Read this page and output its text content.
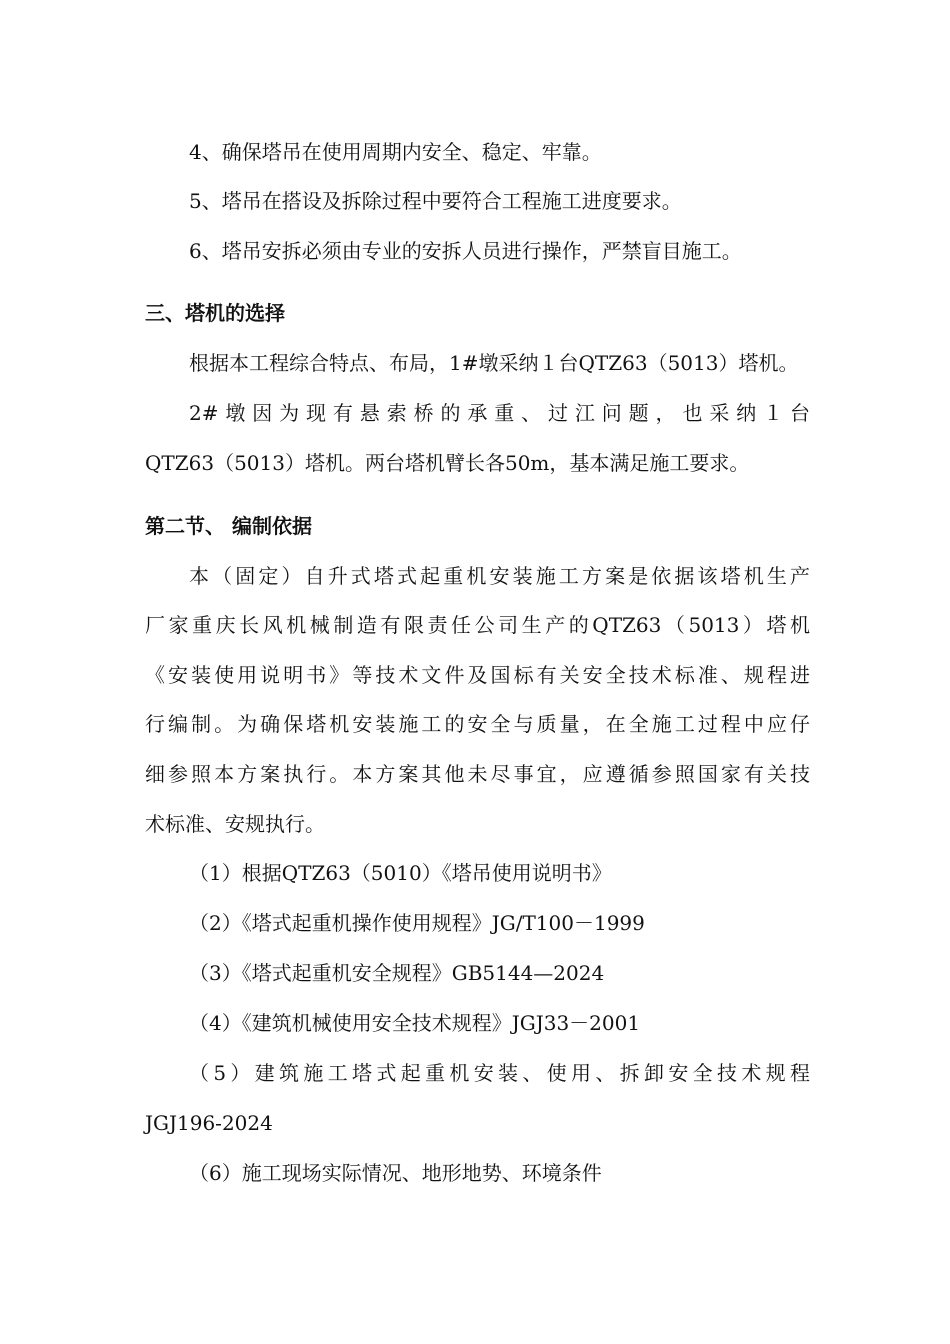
4、确保塔吊在使用周期内安全、稳定、牢靠。

5、塔吊在搭设及拆除过程中要符合工程施工进度要求。

6、塔吊安拆必须由专业的安拆人员进行操作，严禁盲目施工。

三、塔机的选择

根据本工程综合特点、布局，1#墩采纳１台QTZ63（5013）塔机。

2#墩因为现有悬索桥的承重、过江问题，也采纳１台

QTZ63（5013）塔机。两台塔机臂长各50m，基本满足施工要求。

第二节、 编制依据

本（固定）自升式塔式起重机安装施工方案是依据该塔机生产

厂家重庆长风机械制造有限责任公司生产的QTZ63（5013）塔机

《安装使用说明书》等技术文件及国标有关安全技术标准、规程进

行编制。为确保塔机安装施工的安全与质量，在全施工过程中应仔

细参照本方案执行。本方案其他未尽事宜，应遵循参照国家有关技

术标准、安规执行。

（1）根据QTZ63（5010）《塔吊使用说明书》

（2）《塔式起重机操作使用规程》JG/T100－1999

（3）《塔式起重机安全规程》GB5144—2024

（4）《建筑机械使用安全技术规程》JGJ33－2001

（5）建筑施工塔式起重机安装、使用、拆卸安全技术规程

JGJ196-2024

（6）施工现场实际情况、地形地势、环境条件
